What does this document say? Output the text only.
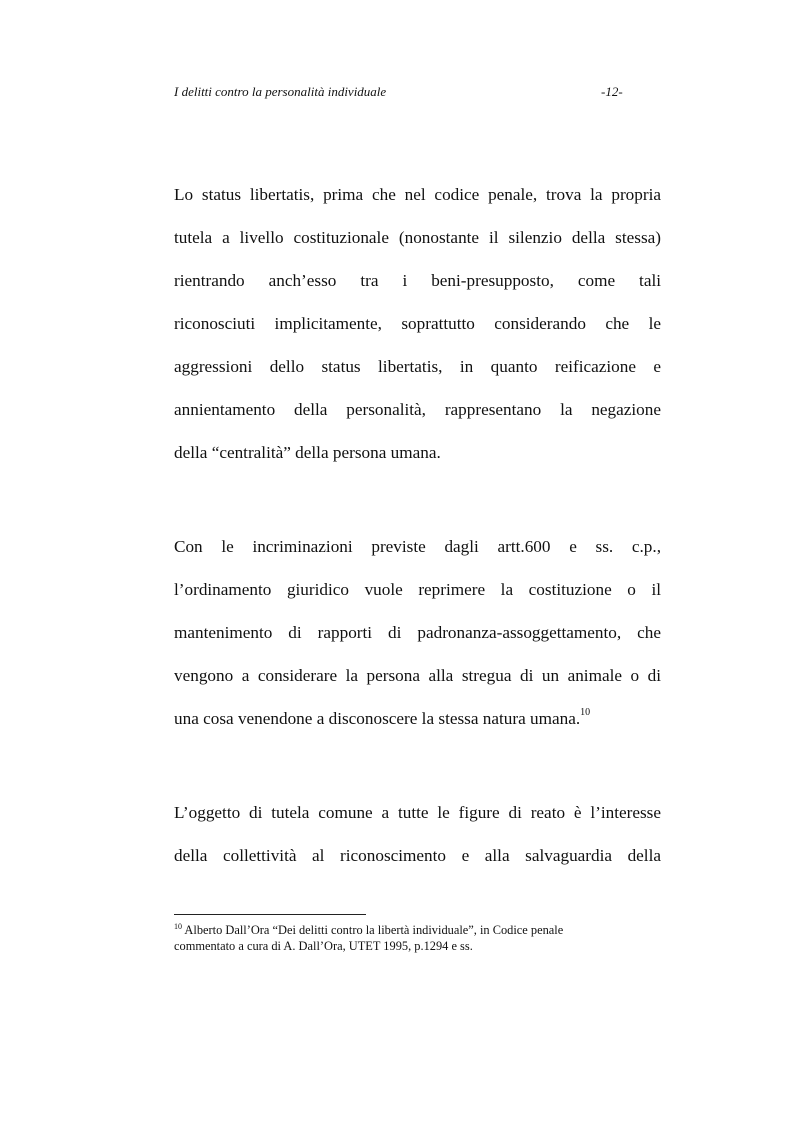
I delitti contro la personalità individuale	-12-
Lo status libertatis, prima che nel codice penale, trova la propria
tutela a livello costituzionale (nonostante il silenzio della stessa)
rientrando anch’esso tra i beni-presupposto, come tali
riconosciuti implicitamente, soprattutto considerando che le
aggressioni dello status libertatis, in quanto reificazione e
annientamento della personalità, rappresentano la negazione
della “centralità” della persona umana.
Con le incriminazioni previste dagli artt.600 e ss. c.p.,
l’ordinamento giuridico vuole reprimere la costituzione o il
mantenimento di rapporti di padronanza-assoggettamento, che
vengono a considerare la persona alla stregua di un animale o di
una cosa venendone a disconoscere la stessa natura umana.$^{10}$
L’oggetto di tutela comune a tutte le figure di reato è l’interesse
della collettività al riconoscimento e alla salvaguardia della
$^{10}$ Alberto Dall’Ora “Dei delitti contro la libertà individuale”, in Codice penale
commentato a cura di A. Dall’Ora, UTET 1995, p.1294 e ss.
